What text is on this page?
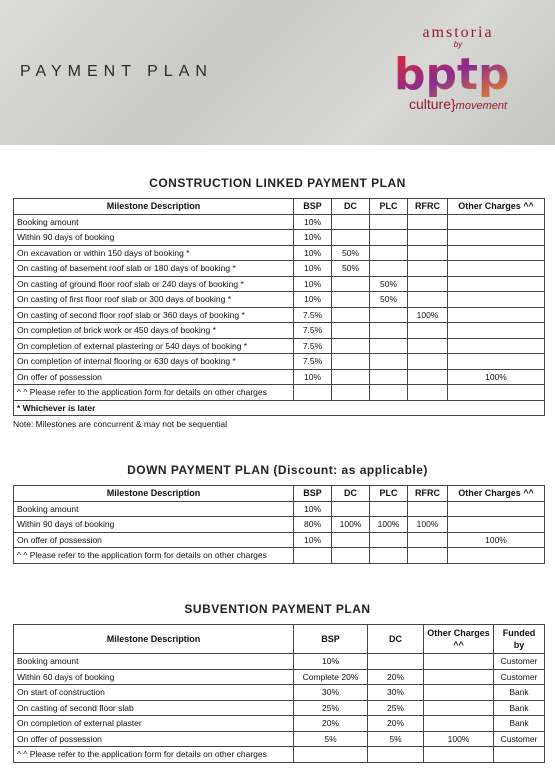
PAYMENT PLAN
amstoria
by
bptp
culture}movement
CONSTRUCTION LINKED PAYMENT PLAN
Milestone Description	BSP	DC	PLC	RFRC	Other Charges ^^
Booking amount	10%				
Within 90 days of booking	10%				
On excavation or within 150 days of booking *	10%	50%			
On casting of basement roof slab or 180 days of booking *	10%	50%			
On casting of ground floor roof slab or 240 days of booking *	10%		50%		
On casting of first floor roof slab or 300 days of booking *	10%		50%		
On casting of second floor roof slab or 360 days of booking *	7.5%			100%	
On completion of brick work or 450 days of booking *	7.5%				
On completion of external plastering or 540 days of booking *	7.5%				
On completion of internal flooring or 630 days of booking *	7.5%				
On offer of possession	10%				100%
^ ^ Please refer to the application form for details on other charges					
* Whichever is later					
DOWN PAYMENT PLAN (Discount: as applicable)
Milestone Description	BSP	DC	PLC	RFRC	Other Charges ^^
Booking amount	10%				
Within 90 days of booking	80%	100%	100%	100%	
On offer of possession	10%				100%
^ ^ Please refer to the application form for details on other charges					
SUBVENTION PAYMENT PLAN
Milestone Description	BSP	DC	Other Charges ^^	Funded by
Booking amount	10%			Customer
Within 60 days of booking	Complete 20%	20%		Customer
On start of construction	30%	30%		Bank
On casting of second floor slab	25%	25%		Bank
On completion of external plaster	20%	20%		Bank
On offer of possession	5%	5%	100%	Customer
^ ^ Please refer to the application form for details on other charges				
Note: Milestones are concurrent & may not be sequential
